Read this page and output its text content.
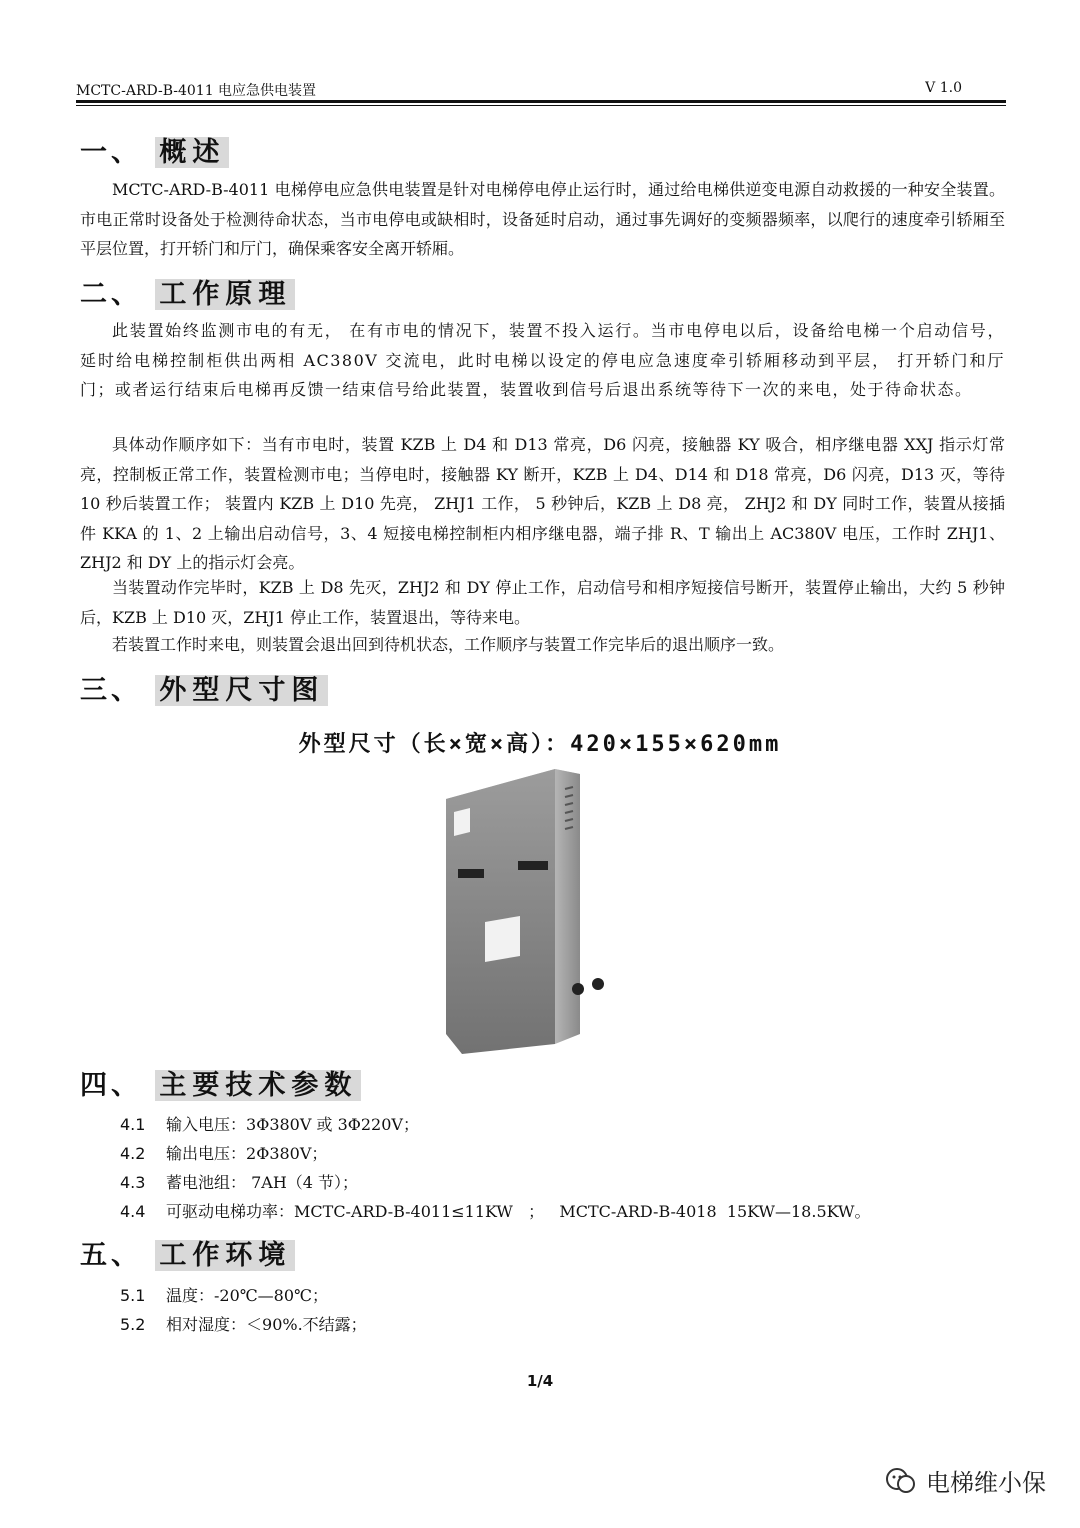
MCTC-ARD-B-4011 电应急供电装置	V 1.0
一、 概述

MCTC-ARD-B-4011 电梯停电应急供电装置是针对电梯停电停止运行时，通过给电梯供逆变电源自动救援的一种安全装置。市电正常时设备处于检测待命状态，当市电停电或缺相时，设备延时启动，通过事先调好的变频器频率，以爬行的速度牵引轿厢至平层位置，打开轿门和厅门，确保乘客安全离开轿厢。

二、 工作原理

此装置始终监测市电的有无， 在有市电的情况下，装置不投入运行。当市电停电以后，设备给电梯一个启动信号， 延时给电梯控制柜供出两相 AC380V 交流电，此时电梯以设定的停电应急速度牵引轿厢移动到平层， 打开轿门和厅门；或者运行结束后电梯再反馈一结束信号给此装置，装置收到信号后退出系统等待下一次的来电，处于待命状态。

具体动作顺序如下：当有市电时，装置 KZB 上 D4 和 D13 常亮，D6 闪亮，接触器 KY 吸合，相序继电器 XXJ 指示灯常亮，控制板正常工作，装置检测市电；当停电时，接触器 KY 断开，KZB 上 D4、D14 和 D18 常亮，D6 闪亮，D13 灭，等待 10 秒后装置工作； 装置内 KZB 上 D10 先亮， ZHJ1 工作， 5 秒钟后，KZB 上 D8 亮， ZHJ2 和 DY 同时工作，装置从接插件 KKA 的 1、2 上输出启动信号，3、4 短接电梯控制柜内相序继电器，端子排 R、T 输出上 AC380V 电压，工作时 ZHJ1、ZHJ2 和 DY 上的指示灯会亮。

当装置动作完毕时，KZB 上 D8 先灭，ZHJ2 和 DY 停止工作，启动信号和相序短接信号断开，装置停止输出，大约 5 秒钟后，KZB 上 D10 灭，ZHJ1 停止工作，装置退出，等待来电。

若装置工作时来电，则装置会退出回到待机状态，工作顺序与装置工作完毕后的退出顺序一致。

三、 外型尺寸图
外型尺寸（长×宽×高）：420×155×620mm
四、 主要技术参数
4.1 输入电压：3Φ380V 或 3Φ220V；
4.2 输出电压：2Φ380V；
4.3 蓄电池组： 7AH（4 节）；
4.4 可驱动电梯功率：MCTC-ARD-B-4011≤11KW   ；   MCTC-ARD-B-4018  15KW—18.5KW。
五、 工作环境
5.1 温度：-20℃—80℃；
5.2 相对湿度：＜90%.不结露；
1/4
电梯维小保
